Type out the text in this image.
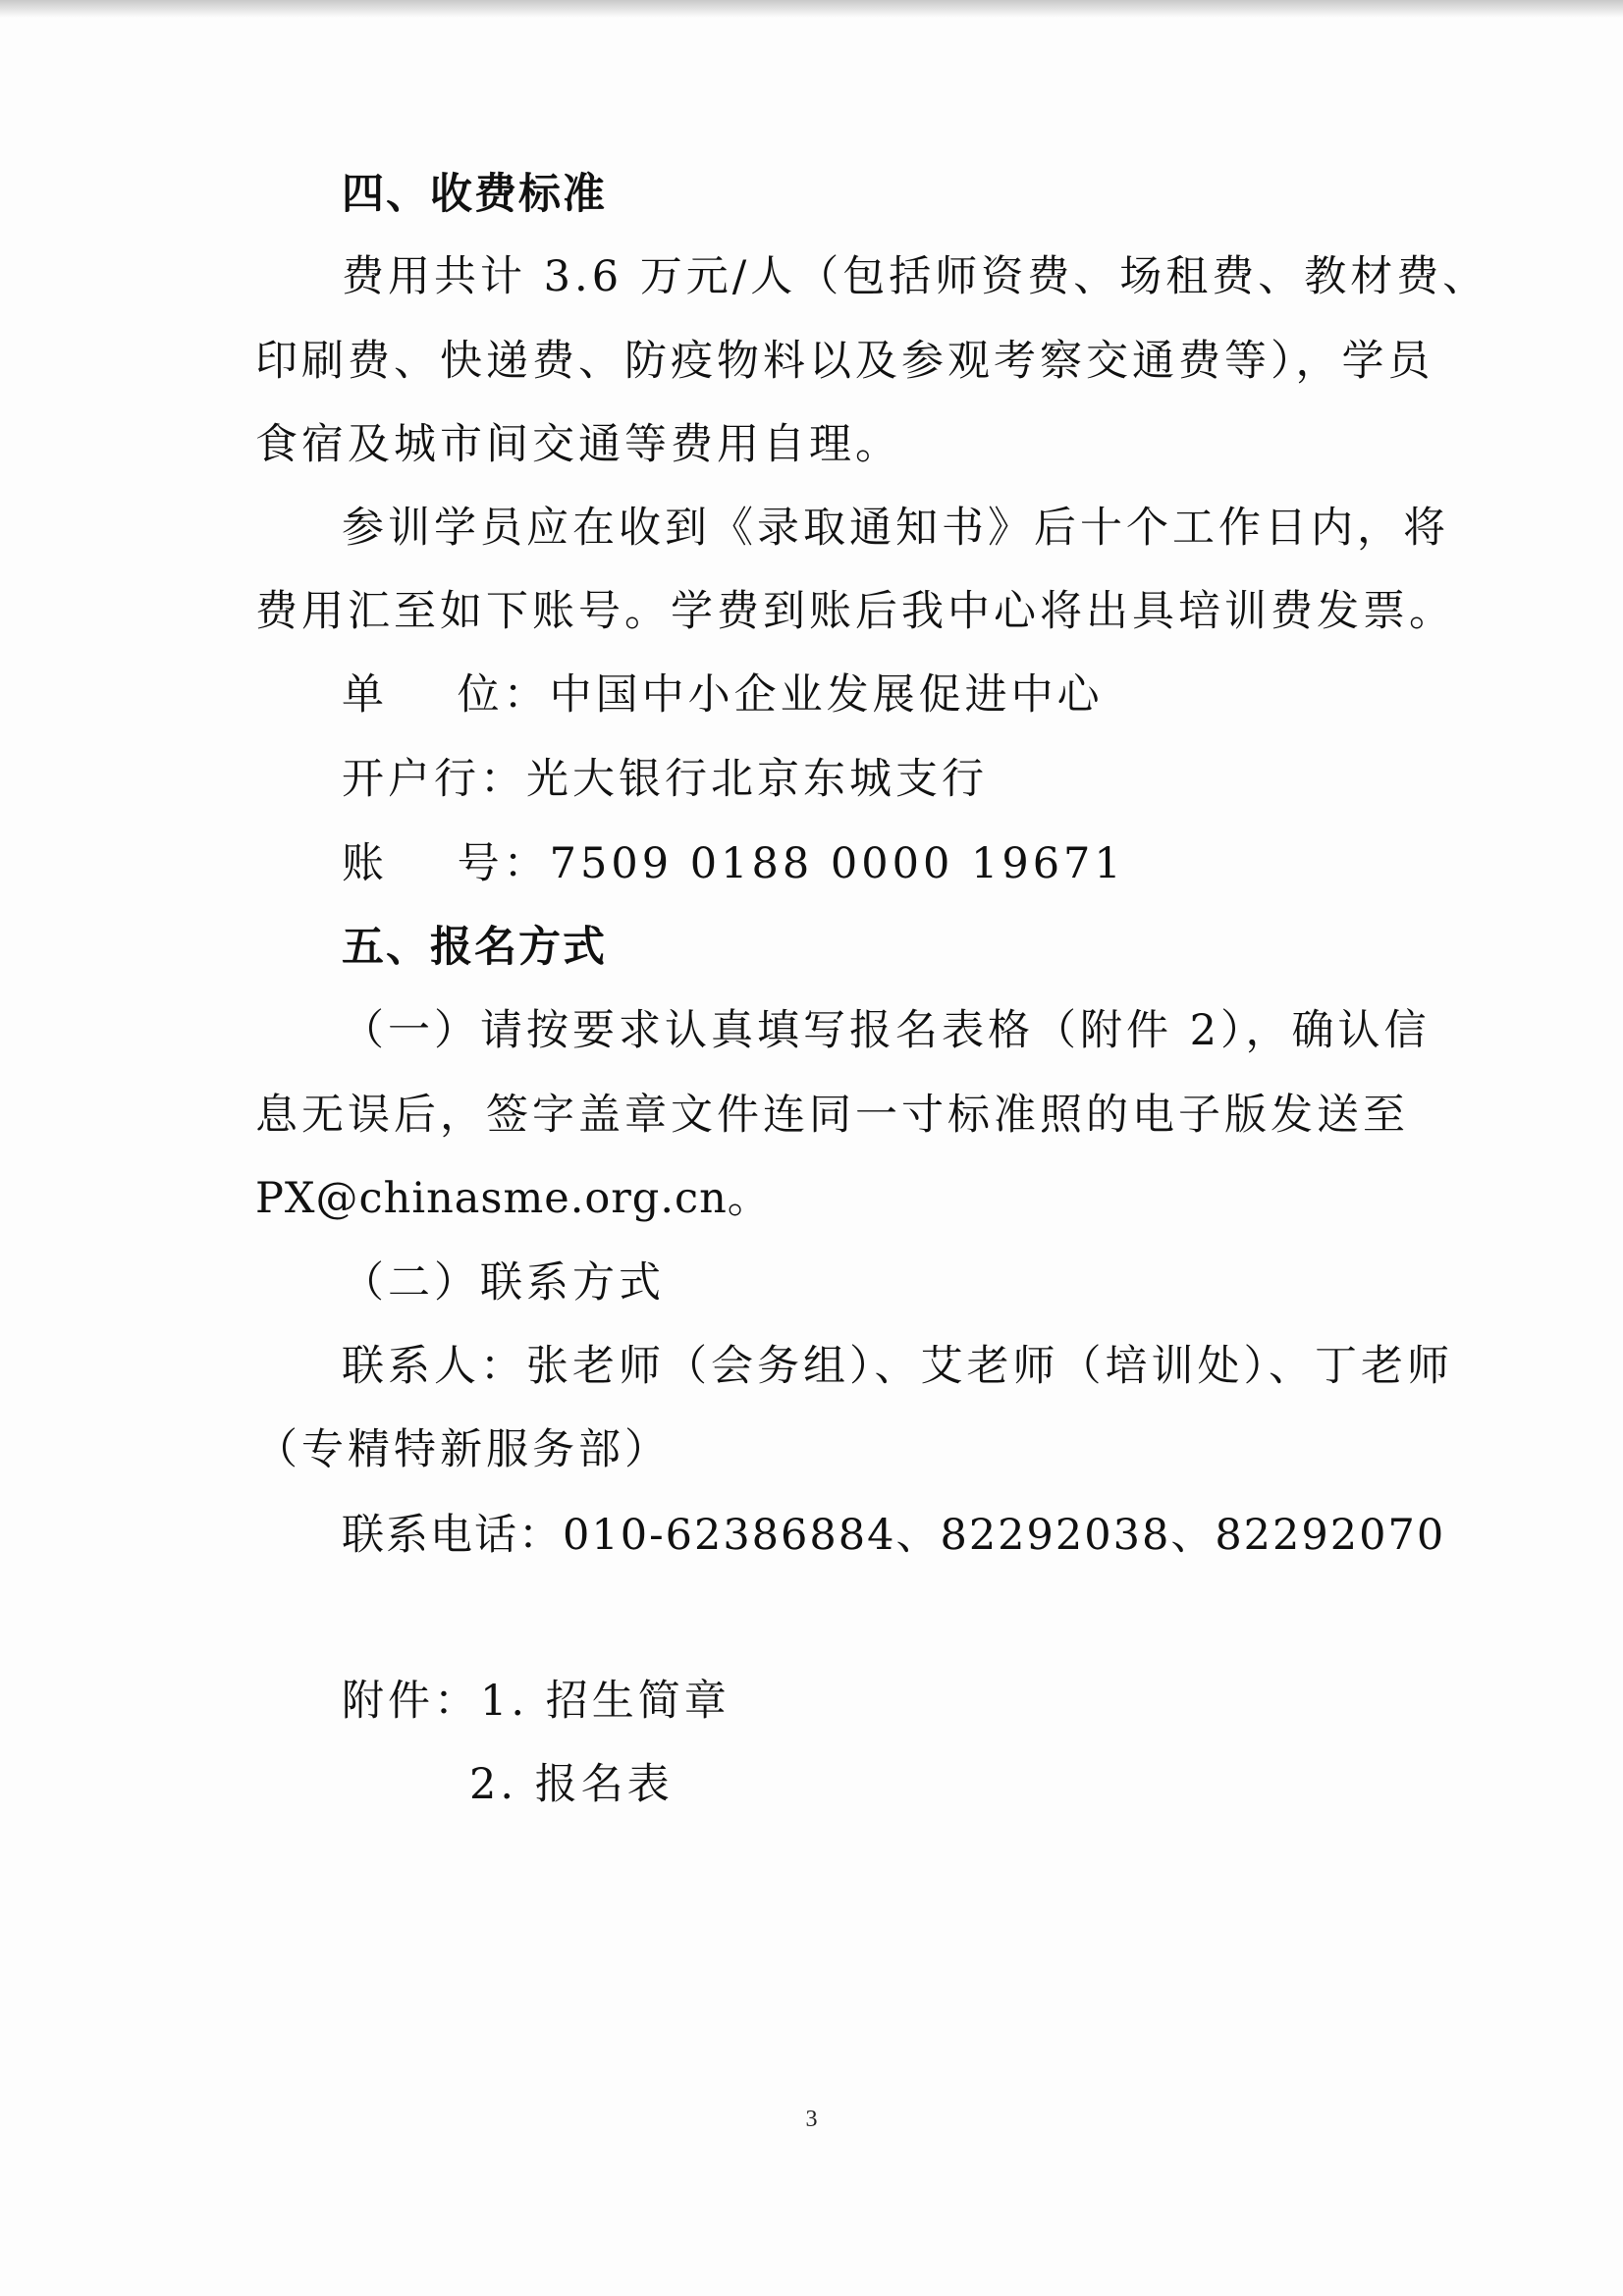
四、收费标准
费用共计 3.6 万元/人（包括师资费、场租费、教材费、
印刷费、快递费、防疫物料以及参观考察交通费等），学员
食宿及城市间交通等费用自理。
参训学员应在收到《录取通知书》后十个工作日内，将
费用汇至如下账号。学费到账后我中心将出具培训费发票。
单    位：中国中小企业发展促进中心
开户行：光大银行北京东城支行
账    号：7509 0188 0000 19671
五、报名方式
（一）请按要求认真填写报名表格（附件 2），确认信
息无误后，签字盖章文件连同一寸标准照的电子版发送至
PX@chinasme.org.cn。
（二）联系方式
联系人：张老师（会务组）、艾老师（培训处）、丁老师
（专精特新服务部）
联系电话：010-62386884、82292038、82292070
附件：1. 招生简章
2. 报名表
3
